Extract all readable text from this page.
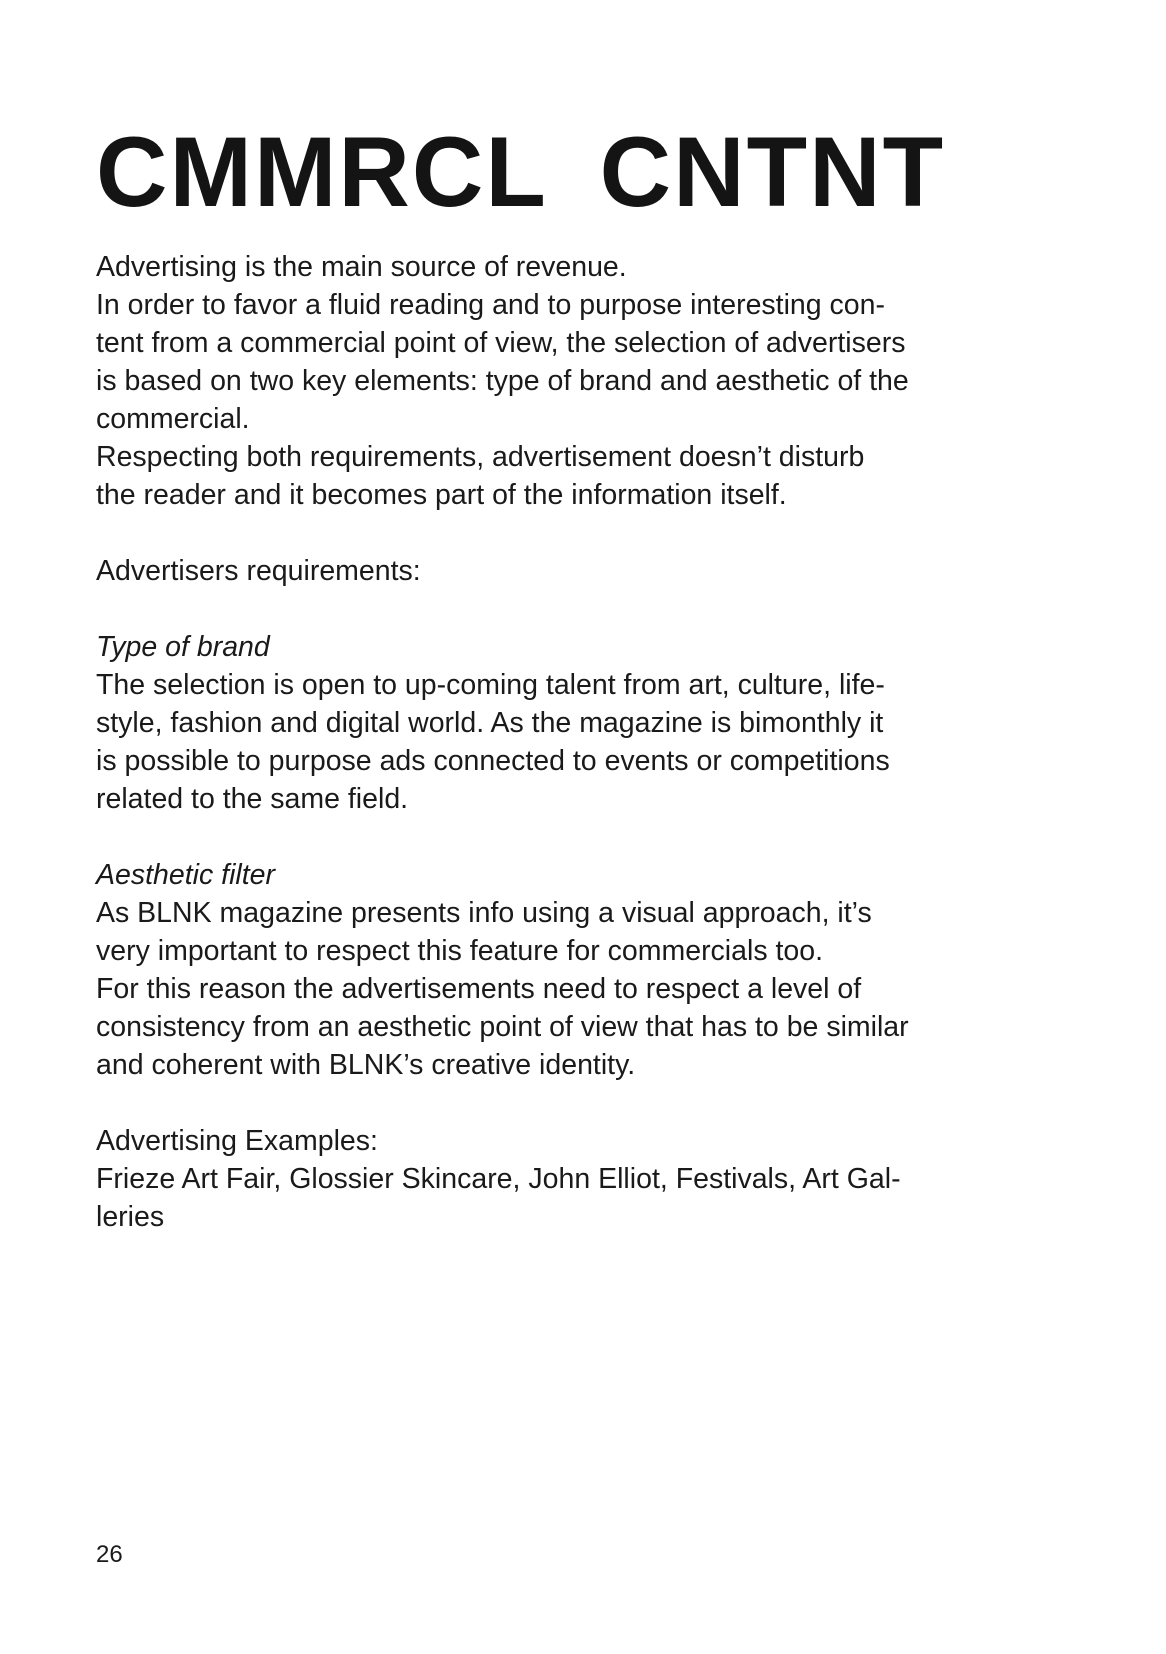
CMMRCL CNTNT
Advertising is the main source of revenue.
In order to favor a fluid reading and to purpose interesting con-
tent from a commercial point of view, the selection of advertisers
is based on two key elements: type of brand and aesthetic of the
commercial.
Respecting both requirements, advertisement doesn’t disturb
the reader and it becomes part of the information itself.
Advertisers requirements:
Type of brand
The selection is open to up-coming talent from art, culture, life-
style, fashion and digital world. As the magazine is bimonthly it
is possible to purpose ads connected to events or competitions
related to the same field.
Aesthetic filter
As BLNK magazine presents info using a visual approach, it’s
very important to respect this feature for commercials too.
For this reason the advertisements need to respect a level of
consistency from an aesthetic point of view that has to be similar
and coherent with BLNK’s creative identity.
Advertising Examples:
Frieze Art Fair, Glossier Skincare, John Elliot, Festivals, Art Gal-
leries
26
